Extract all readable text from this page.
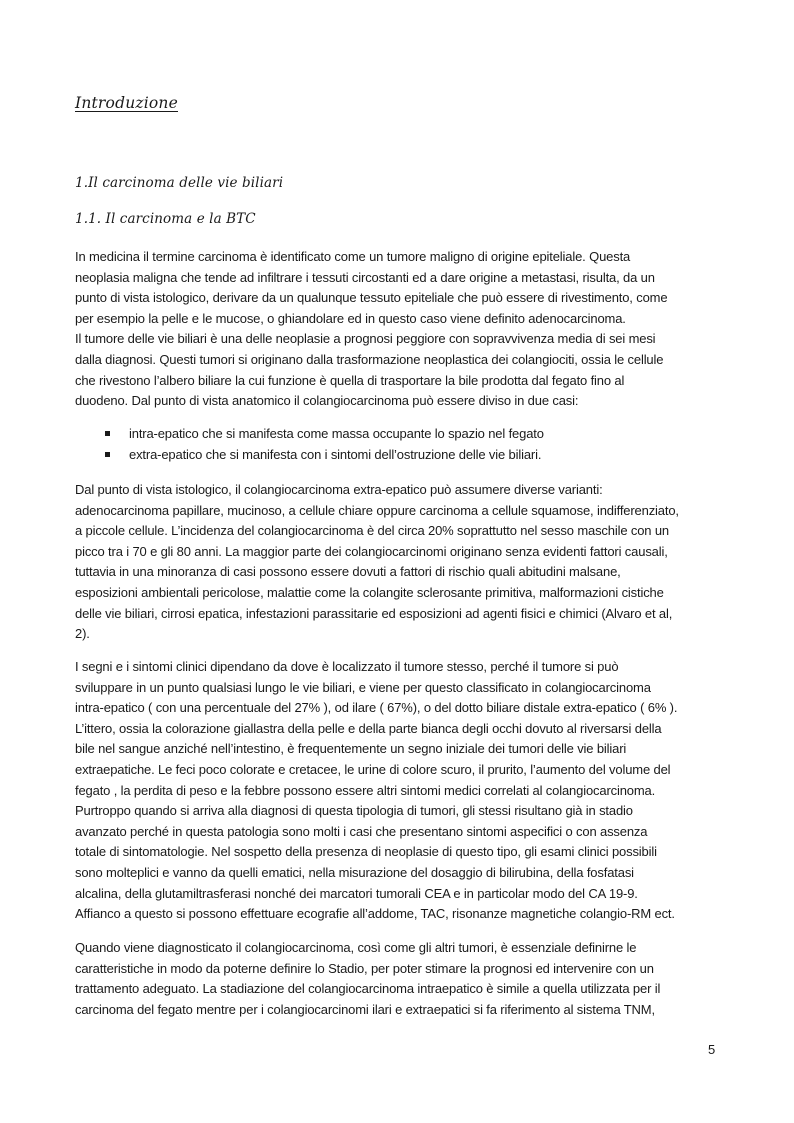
Introduzione
1.Il carcinoma delle vie biliari
1.1. Il carcinoma e la BTC
In medicina il termine carcinoma è identificato come un tumore maligno di origine epiteliale. Questa
neoplasia maligna che tende ad infiltrare i tessuti circostanti ed a dare origine a metastasi, risulta, da un
punto di vista istologico, derivare da un qualunque tessuto epiteliale che può essere di rivestimento, come
per esempio la pelle e le mucose, o ghiandolare ed in questo caso viene definito adenocarcinoma.
Il tumore delle vie biliari è una delle neoplasie a prognosi peggiore con sopravvivenza media di sei mesi
dalla diagnosi. Questi tumori si originano dalla trasformazione neoplastica dei colangiociti, ossia le cellule
che rivestono l’albero biliare la cui funzione è quella di trasportare la bile prodotta dal fegato fino al
duodeno. Dal punto di vista anatomico il colangiocarcinoma può essere diviso in due casi:
intra-epatico che si manifesta come massa occupante lo spazio nel fegato
extra-epatico che si manifesta con i sintomi dell’ostruzione delle vie biliari.
Dal punto di vista istologico, il colangiocarcinoma extra-epatico può assumere diverse varianti:
adenocarcinoma papillare, mucinoso, a cellule chiare oppure carcinoma a cellule squamose, indifferenziato,
a piccole cellule. L’incidenza del colangiocarcinoma è del circa 20% soprattutto nel sesso maschile con un
picco tra i 70 e gli 80 anni. La maggior parte dei colangiocarcinomi originano senza evidenti fattori causali,
tuttavia in una minoranza di casi possono essere dovuti a fattori di rischio quali abitudini malsane,
esposizioni ambientali pericolose, malattie come la colangite sclerosante primitiva, malformazioni cistiche
delle vie biliari, cirrosi epatica, infestazioni parassitarie ed esposizioni ad agenti fisici e chimici (Alvaro et al,
2).
I segni e i sintomi clinici dipendano da dove è localizzato il tumore stesso, perché il tumore si può
sviluppare in un punto qualsiasi lungo le vie biliari, e viene per questo classificato in colangiocarcinoma
intra-epatico ( con una percentuale del 27% ), od ilare ( 67%), o del dotto biliare distale extra-epatico ( 6% ).
L’ittero, ossia la colorazione giallastra della pelle e della parte bianca degli occhi dovuto al riversarsi della
bile nel sangue anziché nell’intestino, è frequentemente un segno iniziale dei tumori delle vie biliari
extraepatiche. Le feci poco colorate e cretacee, le urine di colore scuro, il prurito, l’aumento del volume del
fegato , la perdita di peso e la febbre possono essere altri sintomi medici correlati al colangiocarcinoma.
Purtroppo quando si arriva alla diagnosi di questa tipologia di tumori, gli stessi risultano già in stadio
avanzato perché in questa patologia sono molti i casi che presentano sintomi aspecifici o con assenza
totale di sintomatologie. Nel sospetto della presenza di neoplasie di questo tipo, gli esami clinici possibili
sono molteplici e vanno da quelli ematici, nella misurazione del dosaggio di bilirubina, della fosfatasi
alcalina, della glutamiltrasferasi nonché dei marcatori tumorali CEA e in particolar modo del CA 19-9.
Affianco a questo si possono effettuare ecografie all’addome, TAC, risonanze magnetiche colangio-RM ect.
Quando viene diagnosticato il colangiocarcinoma, così come gli altri tumori, è essenziale definirne le
caratteristiche in modo da poterne definire lo Stadio, per poter stimare la prognosi ed intervenire con un
trattamento adeguato. La stadiazione del colangiocarcinoma intraepatico è simile a quella utilizzata per il
carcinoma del fegato mentre per i colangiocarcinomi ilari e extraepatici si fa riferimento al sistema TNM,
5
